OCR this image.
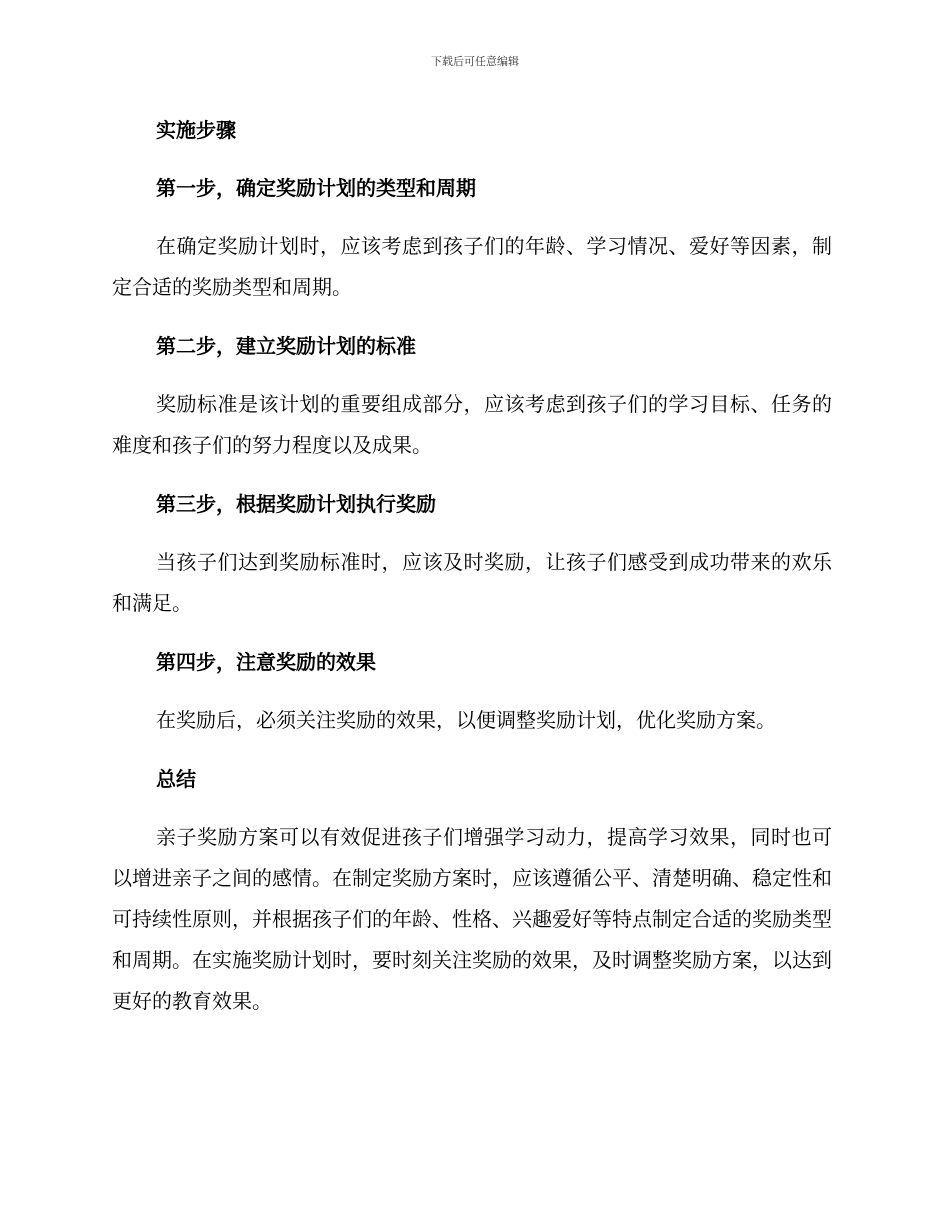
下载后可任意编辑
实施步骤
第一步，确定奖励计划的类型和周期
在确定奖励计划时，应该考虑到孩子们的年龄、学习情况、爱好等因素，制定合适的奖励类型和周期。
第二步，建立奖励计划的标准
奖励标准是该计划的重要组成部分，应该考虑到孩子们的学习目标、任务的难度和孩子们的努力程度以及成果。
第三步，根据奖励计划执行奖励
当孩子们达到奖励标准时，应该及时奖励，让孩子们感受到成功带来的欢乐和满足。
第四步，注意奖励的效果
在奖励后，必须关注奖励的效果，以便调整奖励计划，优化奖励方案。
总结
亲子奖励方案可以有效促进孩子们增强学习动力，提高学习效果，同时也可以增进亲子之间的感情。在制定奖励方案时，应该遵循公平、清楚明确、稳定性和可持续性原则，并根据孩子们的年龄、性格、兴趣爱好等特点制定合适的奖励类型和周期。在实施奖励计划时，要时刻关注奖励的效果，及时调整奖励方案，以达到更好的教育效果。
